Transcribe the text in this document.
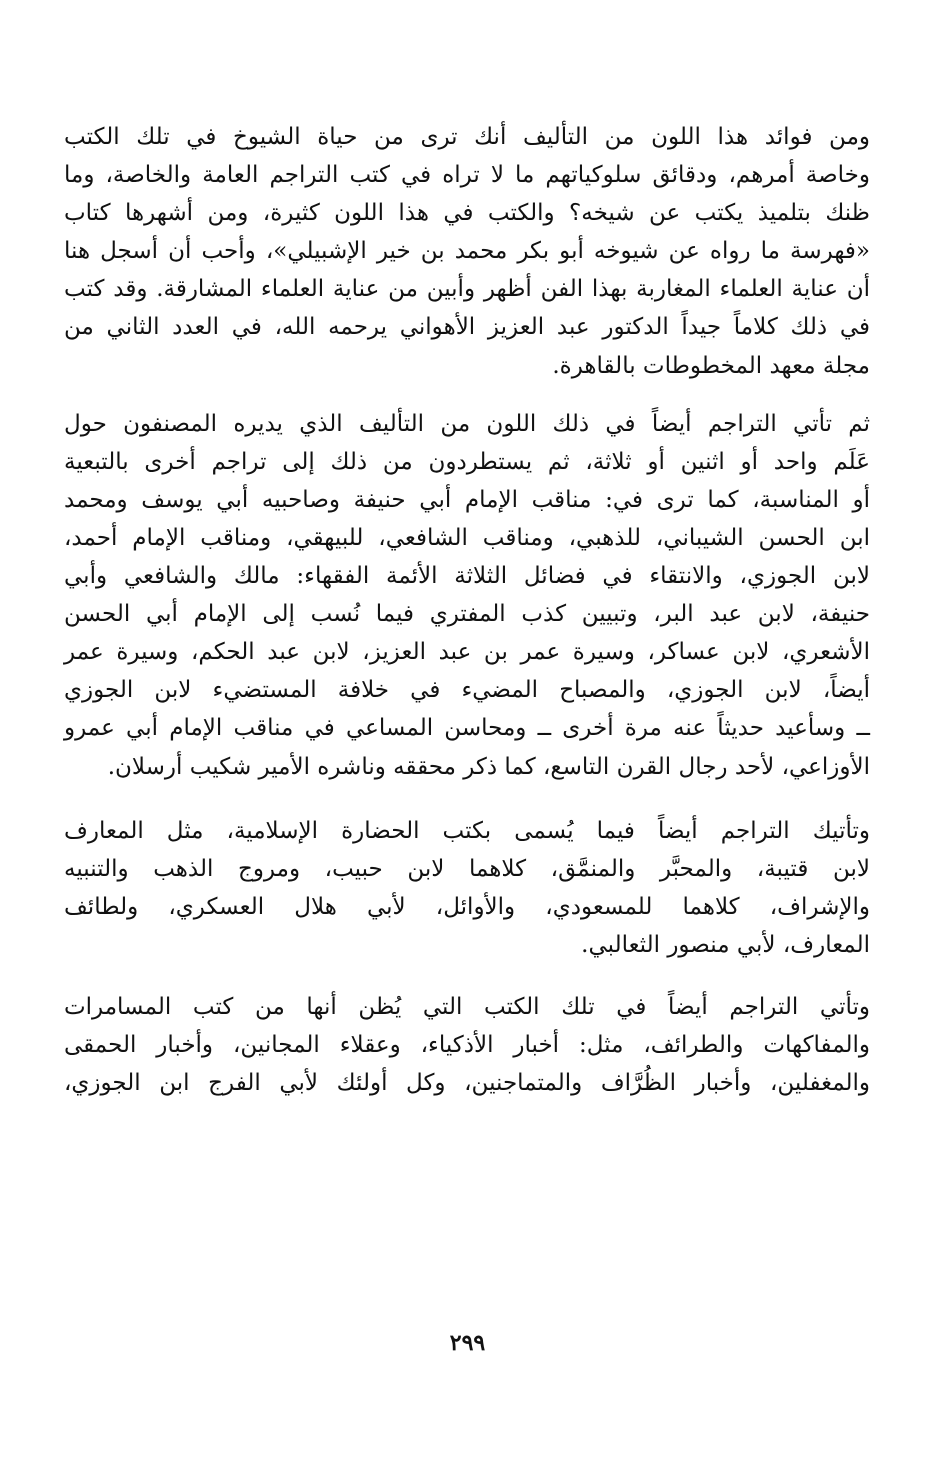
ومن فوائد هذا اللون من التأليف أنك ترى من حياة الشيوخ في تلك الكتب
وخاصة أمرهم، ودقائق سلوكياتهم ما لا تراه في كتب التراجم العامة والخاصة، وما
ظنك بتلميذ يكتب عن شيخه؟ والكتب في هذا اللون كثيرة، ومن أشهرها كتاب
«فهرسة ما رواه عن شيوخه أبو بكر محمد بن خير الإشبيلي»، وأحب أن أسجل هنا
أن عناية العلماء المغاربة بهذا الفن أظهر وأبين من عناية العلماء المشارقة. وقد كتب
في ذلك كلاماً جيداً الدكتور عبد العزيز الأهواني يرحمه الله، في العدد الثاني من
مجلة معهد المخطوطات بالقاهرة.

ثم تأتي التراجم أيضاً في ذلك اللون من التأليف الذي يديره المصنفون حول
عَلَم واحد أو اثنين أو ثلاثة، ثم يستطردون من ذلك إلى تراجم أخرى بالتبعية
أو المناسبة، كما ترى في: مناقب الإمام أبي حنيفة وصاحبيه أبي يوسف ومحمد
ابن الحسن الشيباني، للذهبي، ومناقب الشافعي، للبيهقي، ومناقب الإمام أحمد،
لابن الجوزي، والانتقاء في فضائل الثلاثة الأئمة الفقهاء: مالك والشافعي وأبي
حنيفة، لابن عبد البر، وتبيين كذب المفتري فيما نُسب إلى الإمام أبي الحسن
الأشعري، لابن عساكر، وسيرة عمر بن عبد العزيز، لابن عبد الحكم، وسيرة عمر
أيضاً، لابن الجوزي، والمصباح المضيء في خلافة المستضيء لابن الجوزي
ــ وسأعيد حديثاً عنه مرة أخرى ــ ومحاسن المساعي في مناقب الإمام أبي عمرو
الأوزاعي، لأحد رجال القرن التاسع، كما ذكر محققه وناشره الأمير شكيب أرسلان.

وتأتيك التراجم أيضاً فيما يُسمى بكتب الحضارة الإسلامية، مثل المعارف
لابن قتيبة، والمحبَّر والمنمَّق، كلاهما لابن حبيب، ومروج الذهب والتنبيه
والإشراف، كلاهما للمسعودي، والأوائل، لأبي هلال العسكري، ولطائف
المعارف، لأبي منصور الثعالبي.

وتأتي التراجم أيضاً في تلك الكتب التي يُظن أنها من كتب المسامرات
والمفاكهات والطرائف، مثل: أخبار الأذكياء، وعقلاء المجانين، وأخبار الحمقى
والمغفلين، وأخبار الظُرَّاف والمتماجنين، وكل أولئك لأبي الفرج ابن الجوزي،

٢٩٩
